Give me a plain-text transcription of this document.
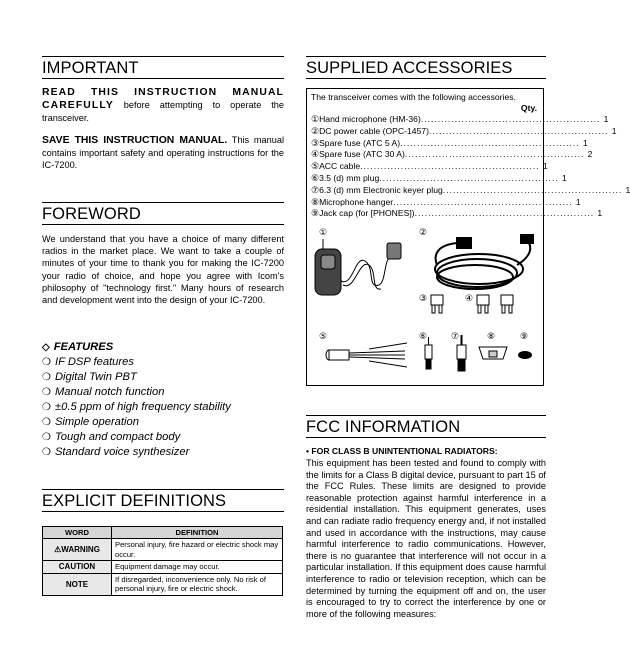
IMPORTANT
READ THIS INSTRUCTION MANUAL CAREFULLY before attempting to operate the transceiver.
SAVE THIS INSTRUCTION MANUAL. This manual contains important safety and operating instructions for the IC-7200.
FOREWORD
We understand that you have a choice of many different radios in the market place. We want to take a couple of minutes of your time to thank you for making the IC-7200 your radio of choice, and hope you agree with Icom's philosophy of "technology first." Many hours of research and development went into the design of your IC-7200.
◇ FEATURES
❍ IF DSP features
❍ Digital Twin PBT
❍ Manual notch function
❍ ±0.5 ppm of high frequency stability
❍ Simple operation
❍ Tough and compact body
❍ Standard voice synthesizer
EXPLICIT DEFINITIONS
WORD	DEFINITION
⚠WARNING	Personal injury, fire hazard or electric shock may occur.
CAUTION	Equipment damage may occur.
NOTE	If disregarded, inconvenience only. No risk of personal injury, fire or electric shock.
SUPPLIED ACCESSORIES
The transceiver comes with the following accessories.
Qty.
① Hand microphone (HM-36) ..................................................... 1
② DC power cable (OPC-1457) ..................................................... 1
③ Spare fuse (ATC 5 A) ..................................................... 1
④ Spare fuse (ATC 30 A) ..................................................... 2
⑤ ACC cable ..................................................... 1
⑥ 3.5 (d) mm plug ..................................................... 1
⑦ 6.3 (d) mm Electronic keyer plug ..................................................... 1
⑧ Microphone hanger ..................................................... 1
⑨ Jack cap (for [PHONES]) ..................................................... 1
①	②
③	④
⑤	⑥	⑦	⑧	⑨
FCC INFORMATION
• FOR CLASS B UNINTENTIONAL RADIATORS:
This equipment has been tested and found to comply with the limits for a Class B digital device, pursuant to part 15 of the FCC Rules. These limits are designed to provide reasonable protection against harmful interference in a residential installation. This equipment generates, uses and can radiate radio frequency energy and, if not installed and used in accordance with the instructions, may cause harmful interference to radio communications. However, there is no guarantee that interference will not occur in a particular installation. If this equipment does cause harmful interference to radio or television reception, which can be determined by turning the equipment off and on, the user is encouraged to try to correct the interference by one or more of the following measures:
